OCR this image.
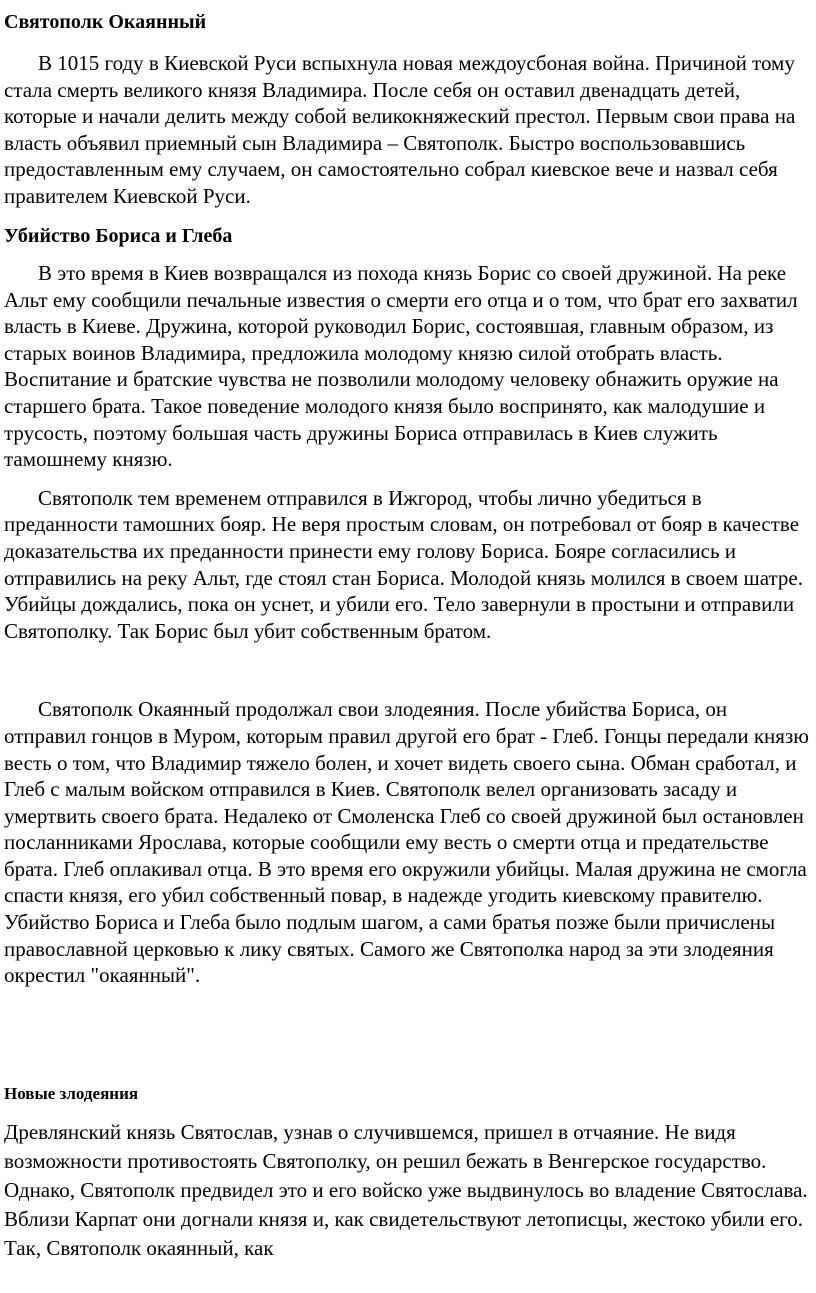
Святополк Окаянный

В 1015 году в Киевской Руси вспыхнула новая междоусбоная война. Причиной тому стала смерть великого князя Владимира. После себя он оставил двенадцать детей, которые и начали делить между собой великокняжеский престол. Первым свои права на власть объявил приемный сын Владимира – Святополк. Быстро воспользовавшись предоставленным ему случаем, он самостоятельно собрал киевское вече и назвал себя правителем Киевской Руси.

Убийство Бориса и Глеба

В это время в Киев возвращался из похода князь Борис со своей дружиной. На реке Альт ему сообщили печальные известия о смерти его отца и о том, что брат его захватил власть в Киеве. Дружина, которой руководил Борис, состоявшая, главным образом, из старых воинов Владимира, предложила молодому князю силой отобрать власть. Воспитание и братские чувства не позволили молодому человеку обнажить оружие на старшего брата. Такое поведение молодого князя было воспринято, как малодушие и трусость, поэтому большая часть дружины Бориса отправилась в Киев служить тамошнему князю.

Святополк тем временем отправился в Ижгород, чтобы лично убедиться в преданности тамошних бояр. Не веря простым словам, он потребовал от бояр в качестве доказательства их преданности принести ему голову Бориса. Бояре согласились и отправились на реку Альт, где стоял стан Бориса. Молодой князь молился в своем шатре. Убийцы дождались, пока он уснет, и убили его. Тело завернули в простыни и отправили Святополку. Так Борис был убит собственным братом.

Святополк Окаянный продолжал свои злодеяния. После убийства Бориса, он отправил гонцов в Муром, которым правил другой его брат - Глеб. Гонцы передали князю весть о том, что Владимир тяжело болен, и хочет видеть своего сына. Обман сработал, и Глеб с малым войском отправился в Киев. Святополк велел организовать засаду и умертвить своего брата. Недалеко от Смоленска Глеб со своей дружиной был остановлен посланниками Ярослава, которые сообщили ему весть о смерти отца и предательстве брата. Глеб оплакивал отца. В это время его окружили убийцы. Малая дружина не смогла спасти князя, его убил собственный повар, в надежде угодить киевскому правителю. Убийство Бориса и Глеба было подлым шагом, а сами братья позже были причислены православной церковью к лику святых. Самого же Святополка народ за эти злодеяния окрестил "окаянный".

Новые злодеяния

Древлянский князь Святослав, узнав о случившемся, пришел в отчаяние. Не видя возможности противостоять Святополку, он решил бежать в Венгерское государство. Однако, Святополк предвидел это и его войско уже выдвинулось во владение Святослава. Вблизи Карпат они догнали князя и, как свидетельствуют летописцы, жестоко убили его. Так, Святополк окаянный, как
